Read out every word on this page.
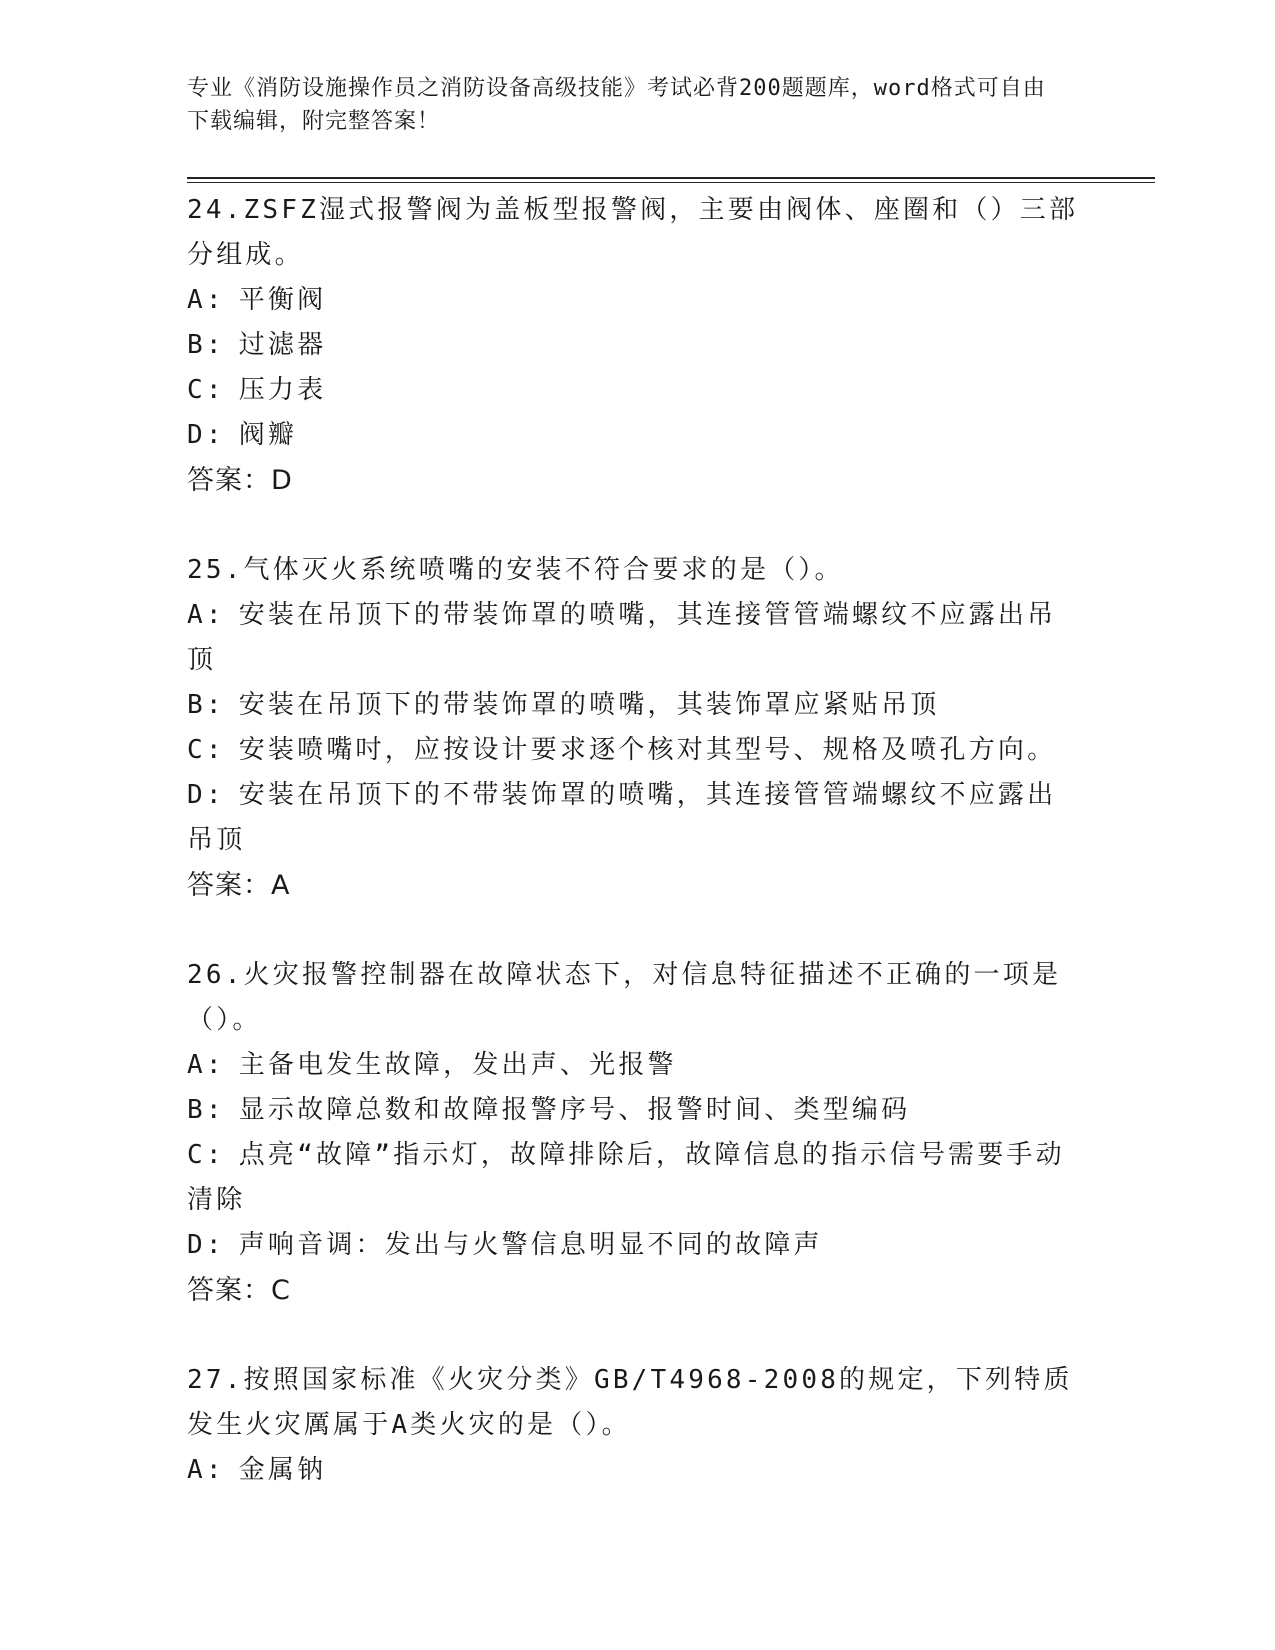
专业《消防设施操作员之消防设备高级技能》考试必背200题题库，word格式可自由下载编辑，附完整答案！
24.ZSFZ湿式报警阀为盖板型报警阀，主要由阀体、座圈和（）三部分组成。
A: 平衡阀
B: 过滤器
C: 压力表
D: 阀瓣
答案：D
25.气体灭火系统喷嘴的安装不符合要求的是（）。
A: 安装在吊顶下的带装饰罩的喷嘴，其连接管管端螺纹不应露出吊顶
B: 安装在吊顶下的带装饰罩的喷嘴，其装饰罩应紧贴吊顶
C: 安装喷嘴吋，应按设计要求逐个核对其型号、规格及喷孔方向。
D: 安装在吊顶下的不带装饰罩的喷嘴，其连接管管端螺纹不应露出吊顶
答案：A
26.火灾报警控制器在故障状态下，对信息特征描述不正确的一项是（）。
A: 主备电发生故障，发出声、光报警
B: 显示故障总数和故障报警序号、报警时间、类型编码
C: 点亮“故障”指示灯，故障排除后，故障信息的指示信号需要手动清除
D: 声响音调：发出与火警信息明显不同的故障声
答案：C
27.按照国家标准《火灾分类》GB/T4968-2008的规定，下列特质发生火灾厲属于A类火灾的是（）。
A: 金属钠
